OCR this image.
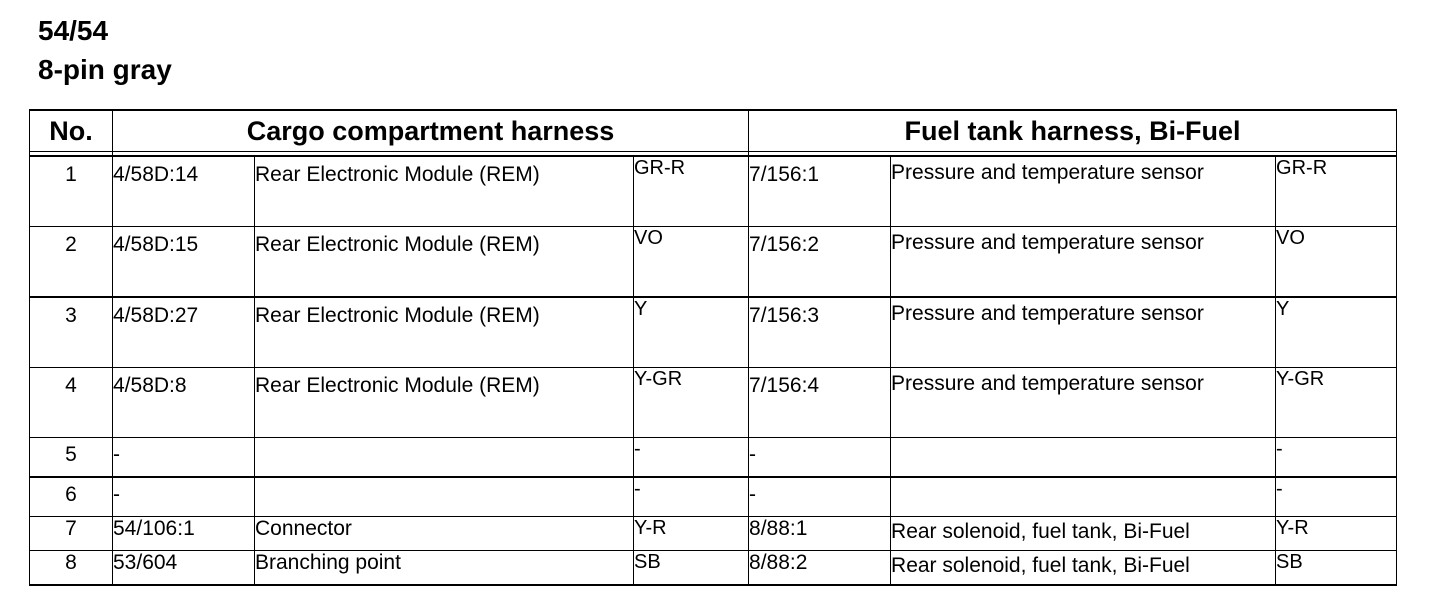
54/54
8-pin gray
No.	Cargo compartment harness			Fuel tank harness, Bi-Fuel		

1	4/58D:14	Rear Electronic Module (REM)	GR-R	7/156:1	Pressure and temperature sensor	GR-R
2	4/58D:15	Rear Electronic Module (REM)	VO	7/156:2	Pressure and temperature sensor	VO
3	4/58D:27	Rear Electronic Module (REM)	Y	7/156:3	Pressure and temperature sensor	Y
4	4/58D:8	Rear Electronic Module (REM)	Y-GR	7/156:4	Pressure and temperature sensor	Y-GR
5	-		-	-		-
6	-		-	-		-
7	54/106:1	Connector	Y-R	8/88:1	Rear solenoid, fuel tank, Bi-Fuel	Y-R
8	53/604	Branching point	SB	8/88:2	Rear solenoid, fuel tank, Bi-Fuel	SB
